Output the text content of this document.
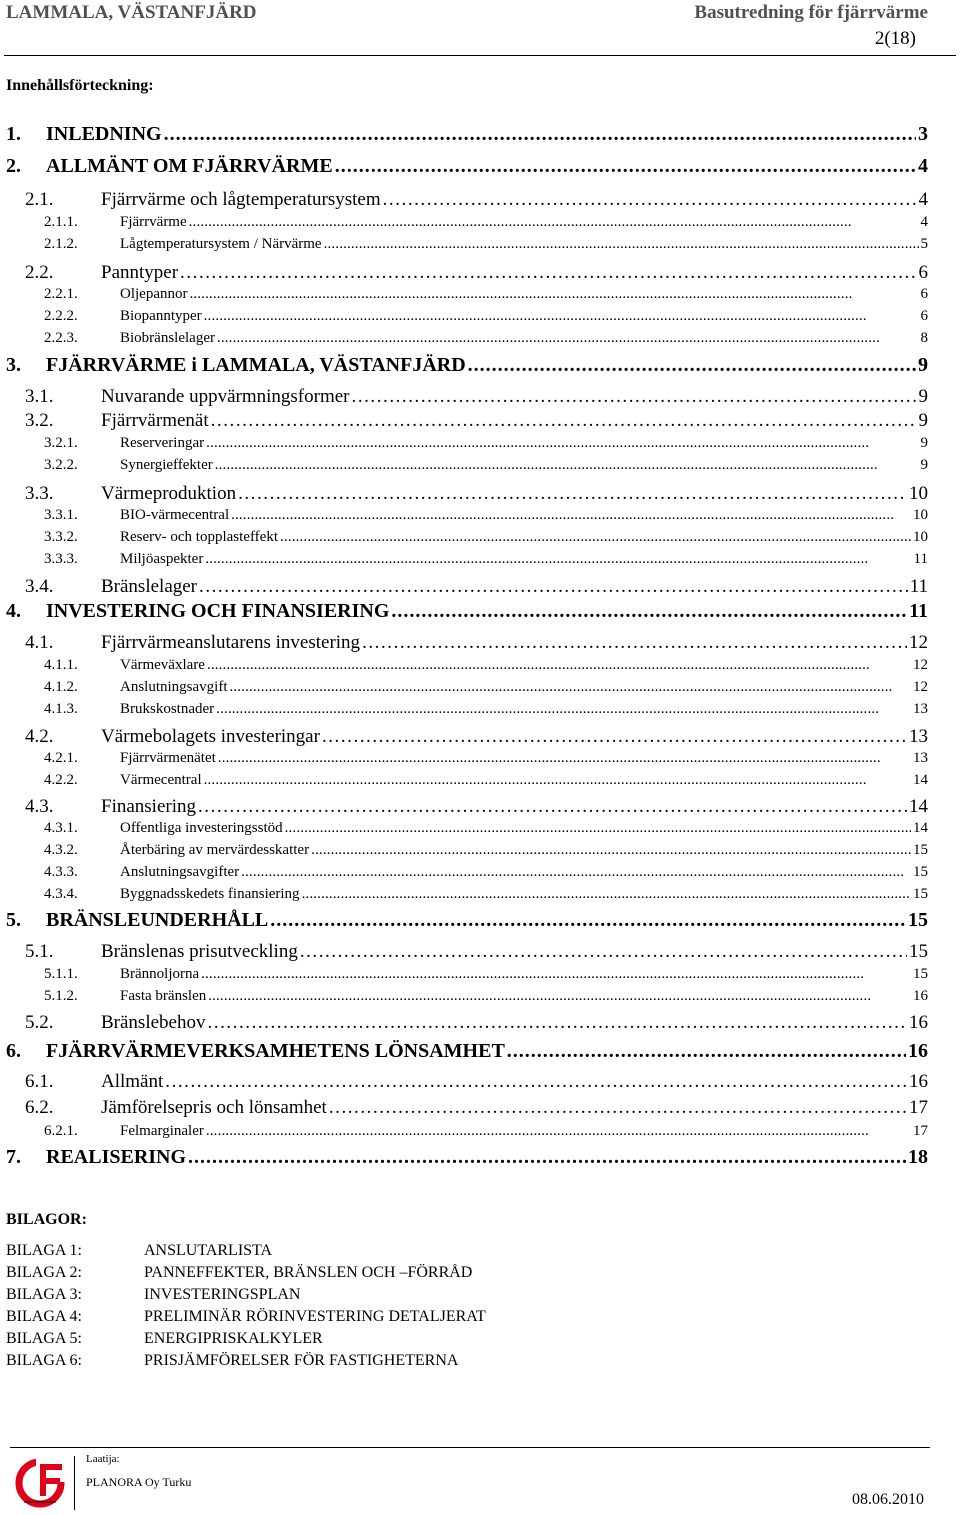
LAMMALA, VÄSTANFJÄRD	Basutredning för fjärrvärme
2(18)
Innehållsförteckning:
1. INLEDNING . . .	3
2. ALLMÄNT OM FJÄRRVÄRME . . .	4
2.1.	Fjärrvärme och lågtemperatursystem . . .	4
2.1.1.	Fjärrvärme . . .	4
2.1.2.	Lågtemperatursystem / Närvärme . . .	5
2.2.	Panntyper . . .	6
2.2.1.	Oljepannor . . .	6
2.2.2.	Biopanntyper . . .	6
2.2.3.	Biobränslelager . . .	8
3. FJÄRRVÄRME i LAMMALA, VÄSTANFJÄRD . . .	9
3.1.	Nuvarande uppvärmningsformer . . .	9
3.2.	Fjärrvärmenät . . .	9
3.2.1.	Reserveringar . . .	9
3.2.2.	Synergieffekter . . .	9
3.3.	Värmeproduktion . . .	10
3.3.1.	BIO-värmecentral . . .	10
3.3.2.	Reserv- och topplasteffekt . . .	10
3.3.3.	Miljöaspekter . . .	11
3.4.	Bränslelager . . .	11
4. INVESTERING OCH FINANSIERING . . .	11
4.1.	Fjärrvärmeanslutarens investering . . .	12
4.1.1.	Värmeväxlare . . .	12
4.1.2.	Anslutningsavgift . . .	12
4.1.3.	Brukskostnader . . .	13
4.2.	Värmebolagets investeringar . . .	13
4.2.1.	Fjärrvärmenätet . . .	13
4.2.2.	Värmecentral . . .	14
4.3.	Finansiering . . .	14
4.3.1.	Offentliga investeringsstöd . . .	14
4.3.2.	Återbäring av mervärdesskatter . . .	15
4.3.3.	Anslutningsavgifter . . .	15
4.3.4.	Byggnadsskedets finansiering . . .	15
5. BRÄNSLEUNDERHÅLL . . .	15
5.1.	Bränslenas prisutveckling . . .	15
5.1.1.	Brännoljorna . . .	15
5.1.2.	Fasta bränslen . . .	16
5.2.	Bränslebehov . . .	16
6. FJÄRRVÄRMEVERKSAMHETENS LÖNSAMHET . . .	16
6.1.	Allmänt . . .	16
6.2.	Jämförelsepris och lönsamhet . . .	17
6.2.1.	Felmarginaler . . .	17
7. REALISERING . . .	18
BILAGOR:
BILAGA 1:	ANSLUTARLISTA
BILAGA 2:	PANNEFFEKTER, BRÄNSLEN OCH –FÖRRÅD
BILAGA 3:	INVESTERINGSPLAN
BILAGA 4:	PRELIMINÄR RÖRINVESTERING DETALJERAT
BILAGA 5:	ENERGIPRISKALKYLER
BILAGA 6:	PRISJÄMFÖRELSER FÖR FASTIGHETERNA
Laatija:
PLANORA Oy Turku
08.06.2010
